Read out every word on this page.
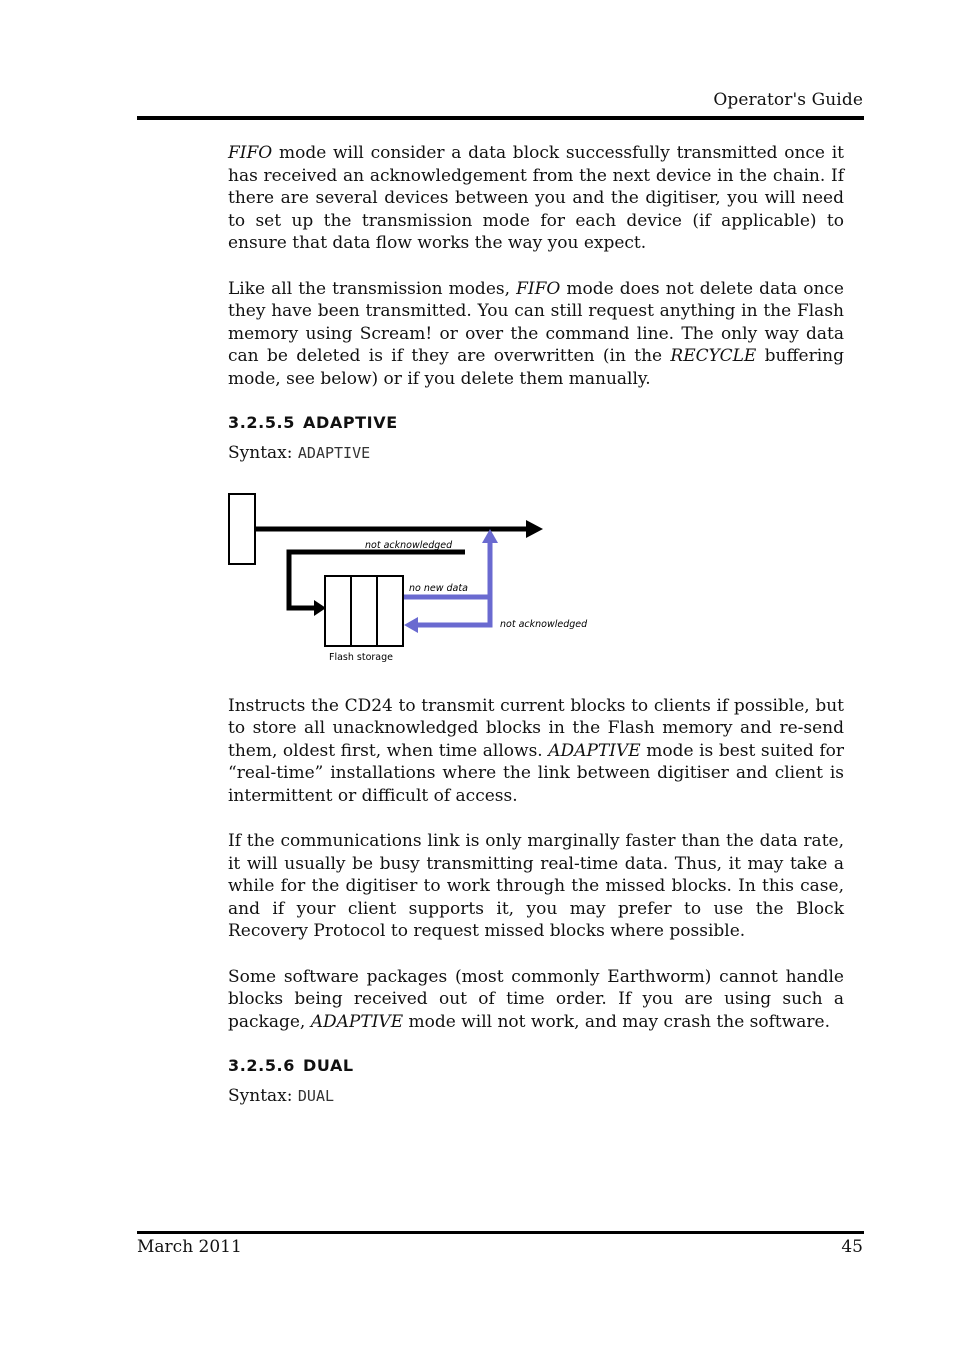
Operator's Guide

FIFO mode will consider a data block successfully transmitted once it has received an acknowledgement from the next device in the chain. If there are several devices between you and the digitiser, you will need to set up the transmission mode for each device (if applicable) to ensure that data flow works the way you expect.

Like all the transmission modes, FIFO mode does not delete data once they have been transmitted. You can still request anything in the Flash memory using Scream! or over the command line. The only way data can be deleted is if they are overwritten (in the RECYCLE buffering mode, see below) or if you delete them manually.

3.2.5.5 ADAPTIVE

Syntax: ADAPTIVE

not acknowledged
no new data
not acknowledged
Flash storage

Instructs the CD24 to transmit current blocks to clients if possible, but to store all unacknowledged blocks in the Flash memory and re-send them, oldest first, when time allows. ADAPTIVE mode is best suited for “real-time” installations where the link between digitiser and client is intermittent or difficult of access.

If the communications link is only marginally faster than the data rate, it will usually be busy transmitting real-time data. Thus, it may take a while for the digitiser to work through the missed blocks. In this case, and if your client supports it, you may prefer to use the Block Recovery Protocol to request missed blocks where possible.

Some software packages (most commonly Earthworm) cannot handle blocks being received out of time order. If you are using such a package, ADAPTIVE mode will not work, and may crash the software.

3.2.5.6 DUAL

Syntax: DUAL

March 2011	45
